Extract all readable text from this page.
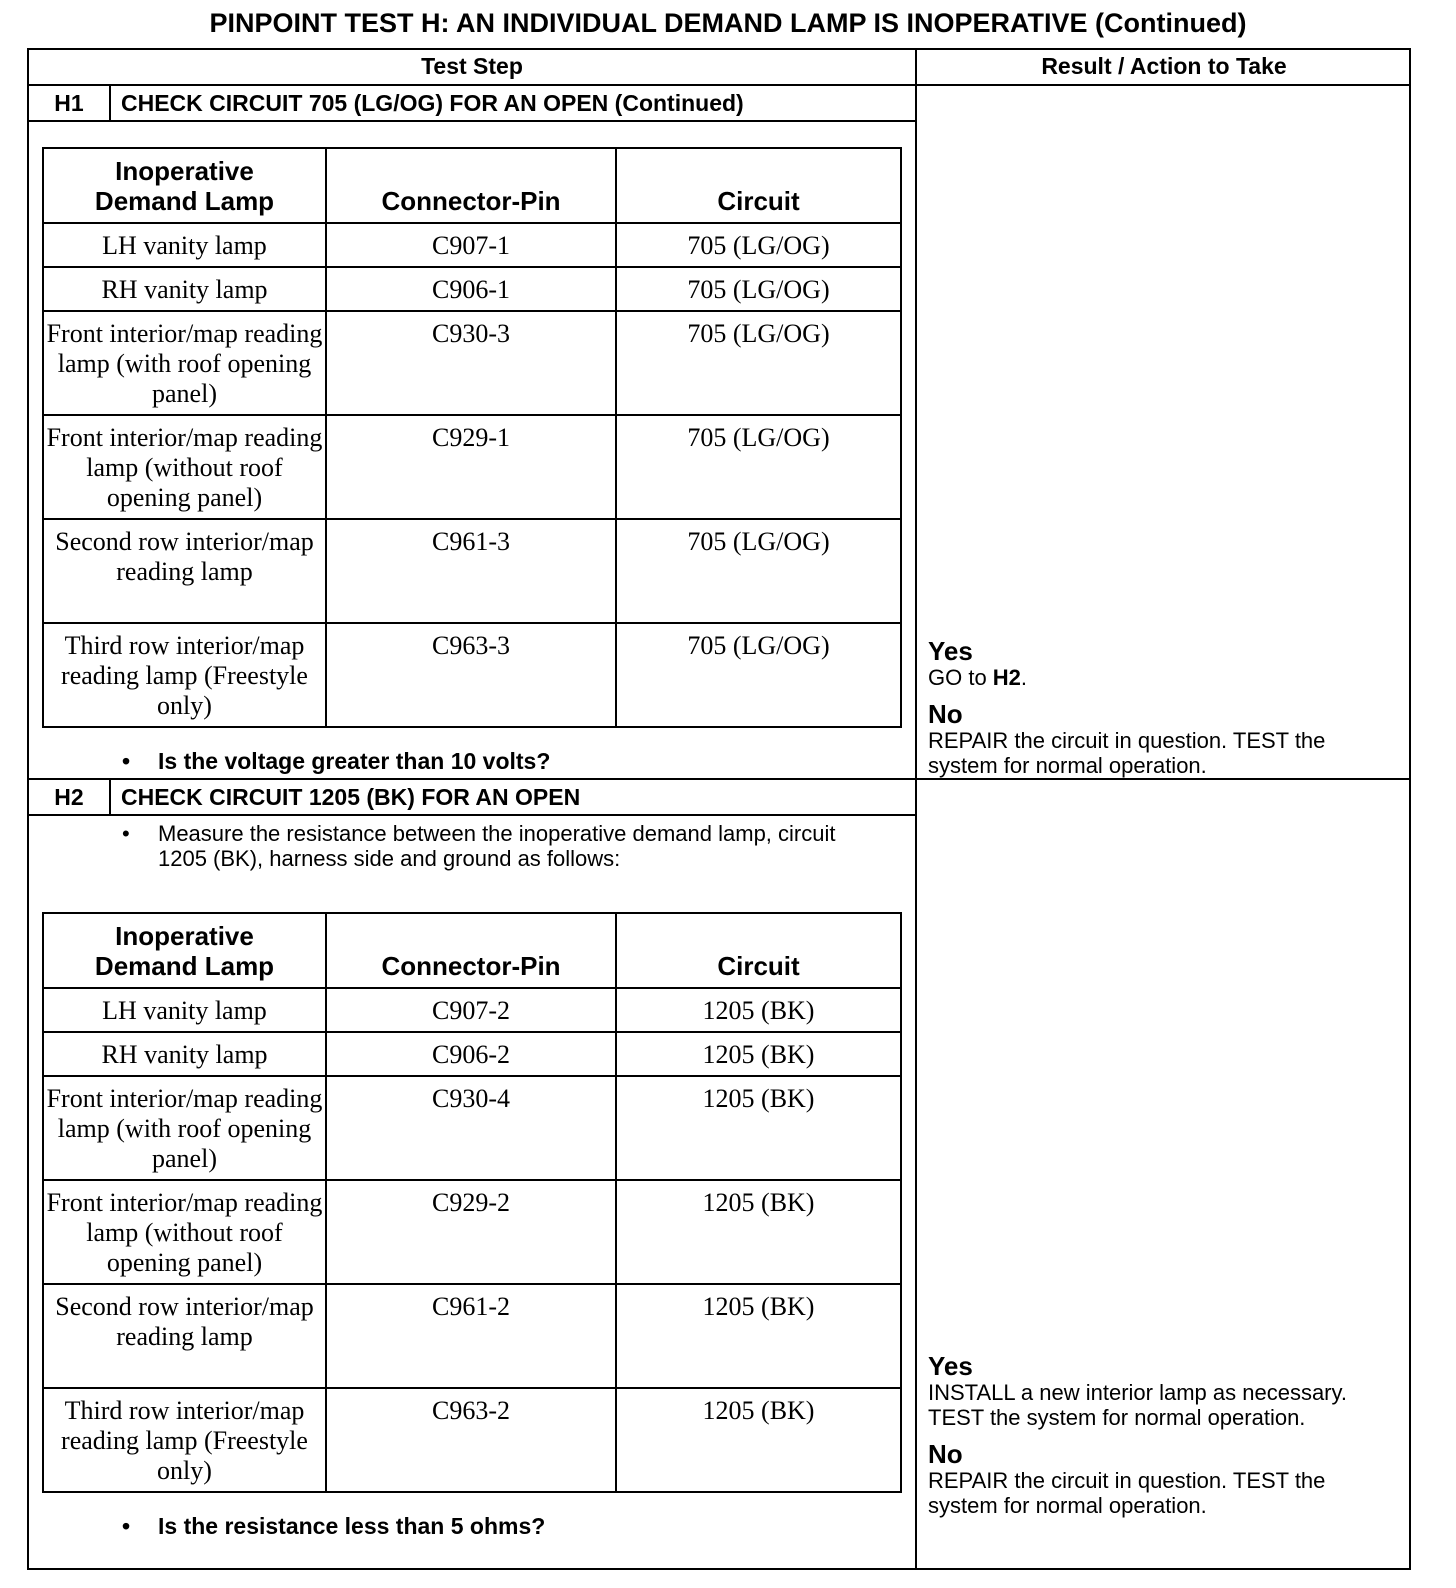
PINPOINT TEST H: AN INDIVIDUAL DEMAND LAMP IS INOPERATIVE (Continued)
Test Step	Result / Action to Take
H1	CHECK CIRCUIT 705 (LG/OG) FOR AN OPEN (Continued)
Inoperative
Demand Lamp	Connector-Pin	Circuit
LH vanity lamp	C907-1	705 (LG/OG)
RH vanity lamp	C906-1	705 (LG/OG)
Front interior/map reading lamp (with roof opening panel)	C930-3	705 (LG/OG)
Front interior/map reading lamp (without roof opening panel)	C929-1	705 (LG/OG)
Second row interior/map reading lamp	C961-3	705 (LG/OG)
Third row interior/map reading lamp (Freestyle only)	C963-3	705 (LG/OG)
• Is the voltage greater than 10 volts?
Yes
GO to H2.
No
REPAIR the circuit in question. TEST the system for normal operation.
H2	CHECK CIRCUIT 1205 (BK) FOR AN OPEN
•	Measure the resistance between the inoperative demand lamp, circuit 1205 (BK), harness side and ground as follows:
Inoperative
Demand Lamp	Connector-Pin	Circuit
LH vanity lamp	C907-2	1205 (BK)
RH vanity lamp	C906-2	1205 (BK)
Front interior/map reading lamp (with roof opening panel)	C930-4	1205 (BK)
Front interior/map reading lamp (without roof opening panel)	C929-2	1205 (BK)
Second row interior/map reading lamp	C961-2	1205 (BK)
Third row interior/map reading lamp (Freestyle only)	C963-2	1205 (BK)
• Is the resistance less than 5 ohms?
Yes
INSTALL a new interior lamp as necessary. TEST the system for normal operation.
No
REPAIR the circuit in question. TEST the system for normal operation.
